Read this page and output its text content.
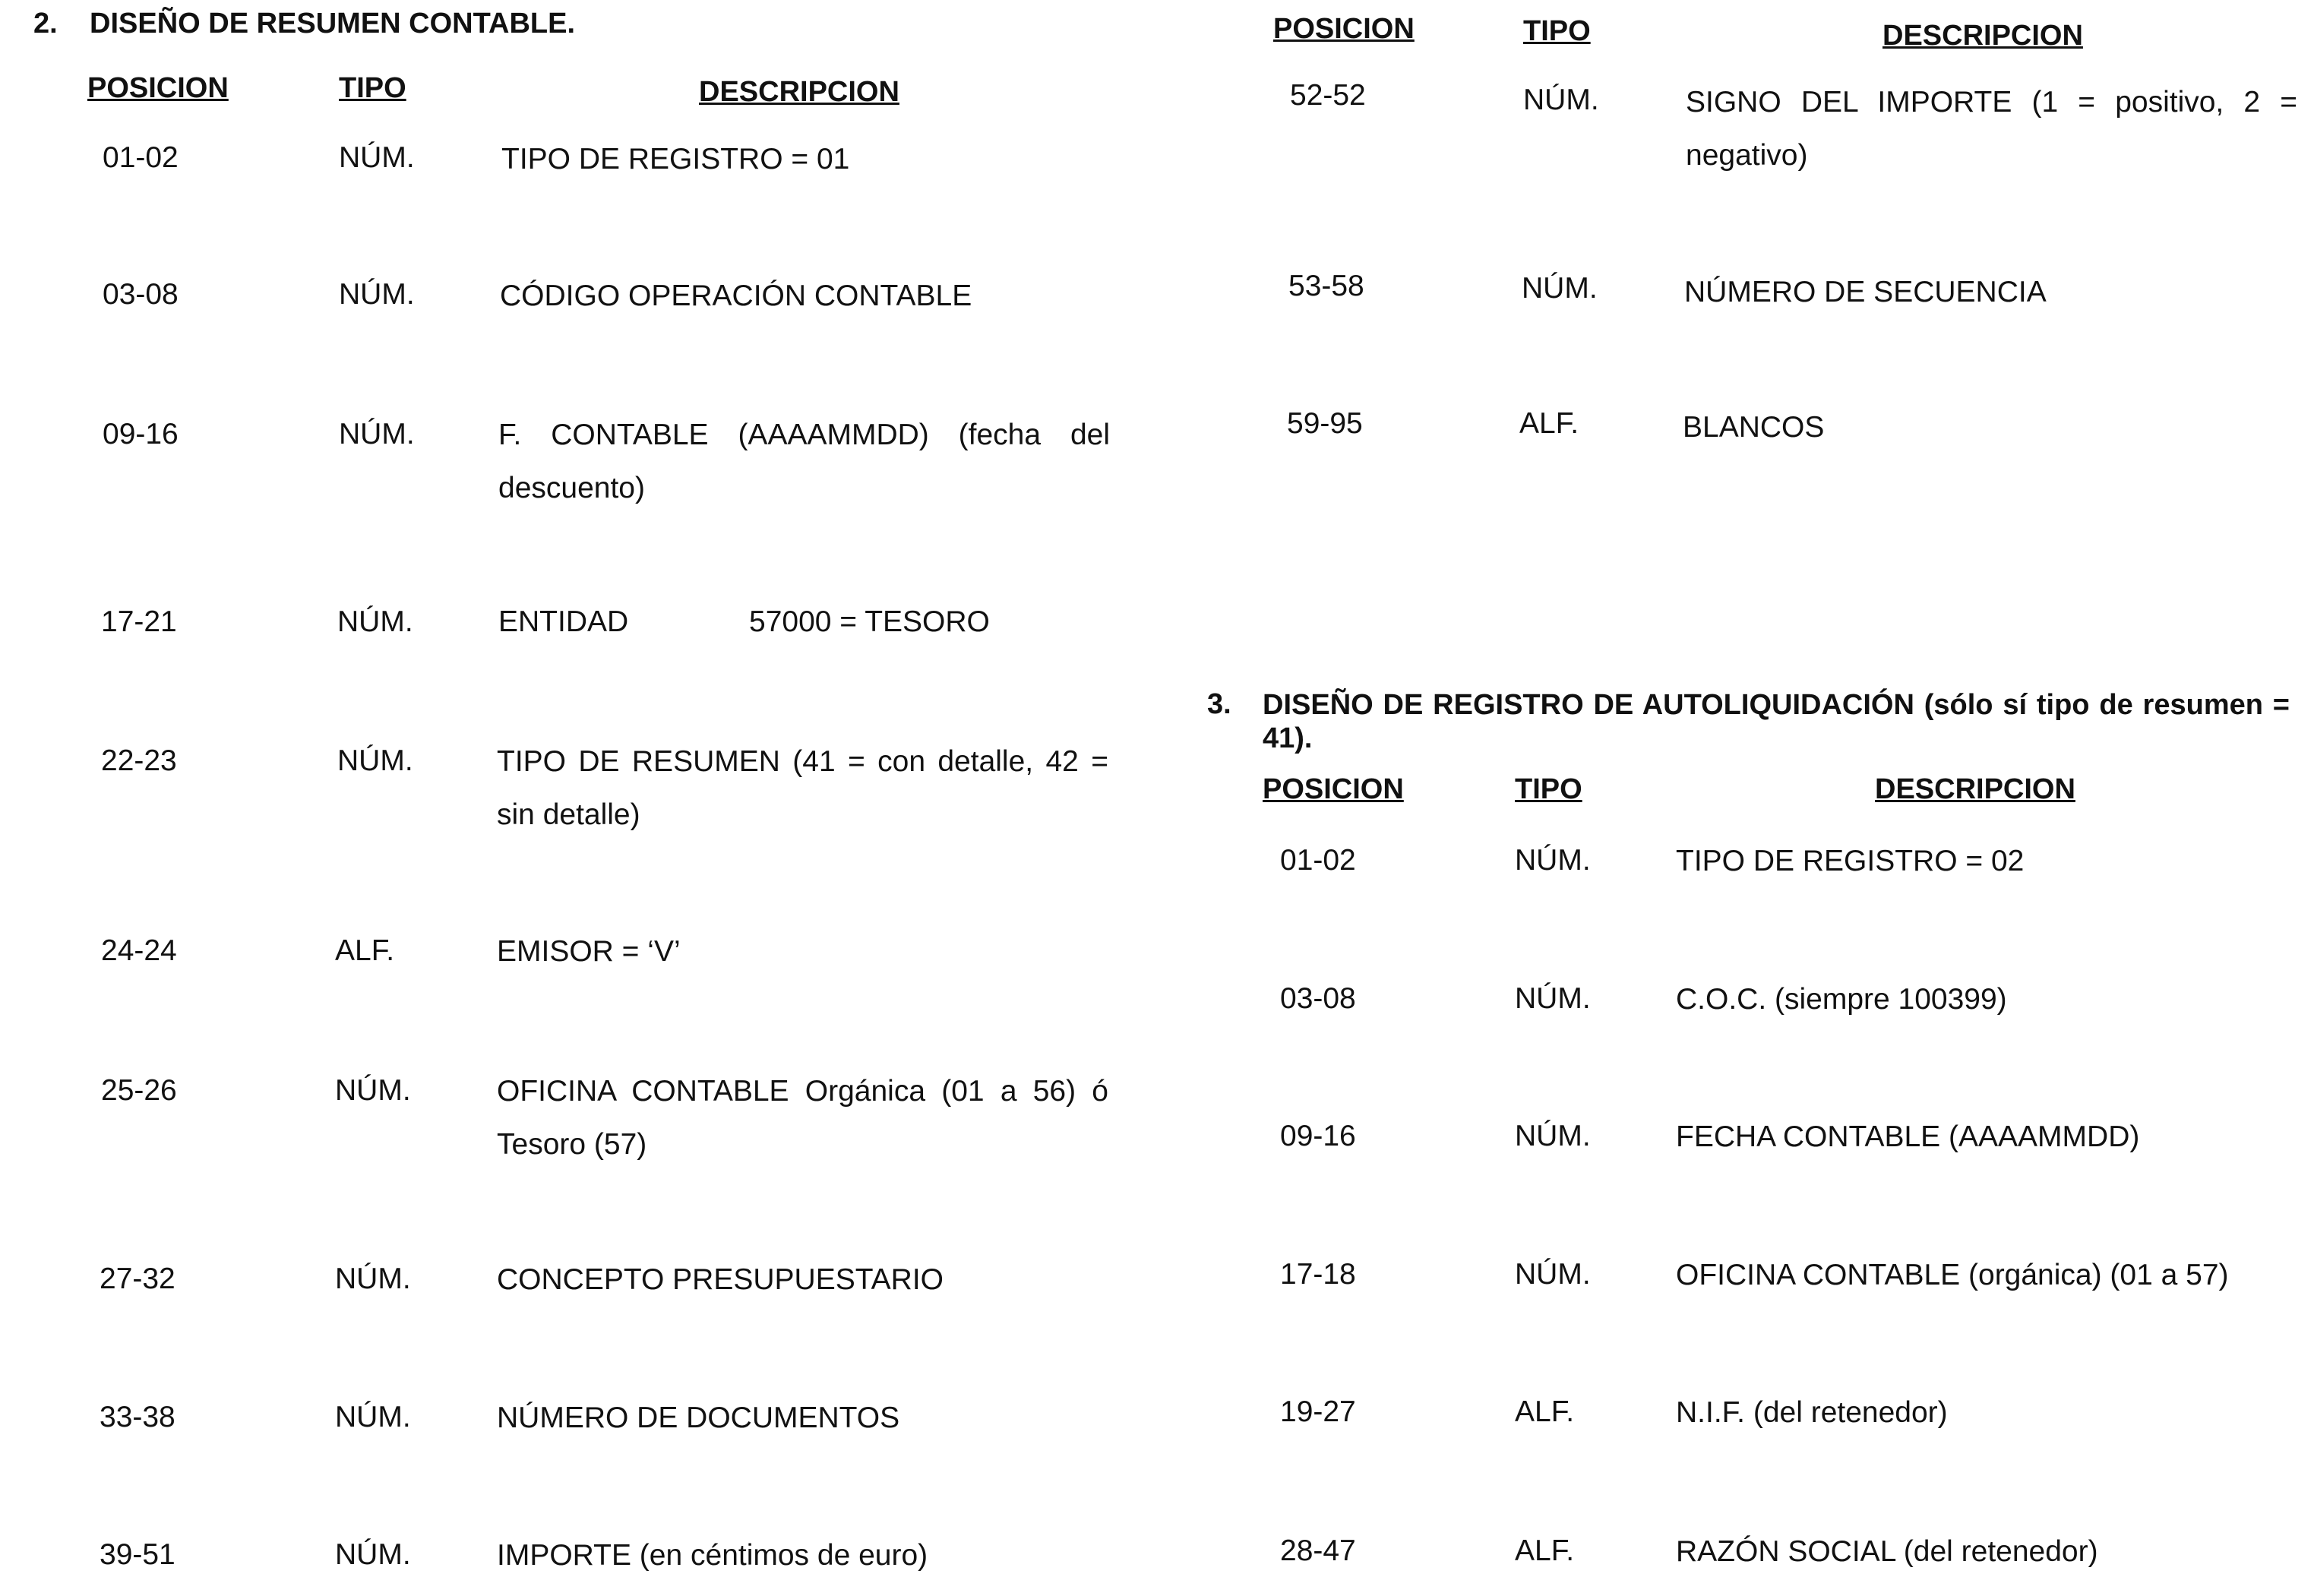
2. DISEÑO DE RESUMEN CONTABLE.
POSICION	TIPO	DESCRIPCION
01-02	NÚM.	TIPO DE REGISTRO = 01
03-08	NÚM.	CÓDIGO OPERACIÓN CONTABLE
09-16	NÚM.	F. CONTABLE (AAAAMMDD) (fecha del descuento)
17-21	NÚM.	ENTIDAD	57000 = TESORO
22-23	NÚM.	TIPO DE RESUMEN (41 = con detalle, 42 = sin detalle)
24-24	ALF.	EMISOR = ‘V’
25-26	NÚM.	OFICINA CONTABLE Orgánica (01 a 56) ó Tesoro (57)
27-32	NÚM.	CONCEPTO PRESUPUESTARIO
33-38	NÚM.	NÚMERO DE DOCUMENTOS
39-51	NÚM.	IMPORTE (en céntimos de euro)
POSICION	TIPO	DESCRIPCION
52-52	NÚM.	SIGNO DEL IMPORTE (1 = positivo, 2 = negativo)
53-58	NÚM.	NÚMERO DE SECUENCIA
59-95	ALF.	BLANCOS
3. DISEÑO DE REGISTRO DE AUTOLIQUIDACIÓN (sólo sí tipo de resumen = 41).
POSICION	TIPO	DESCRIPCION
01-02	NÚM.	TIPO DE REGISTRO = 02
03-08	NÚM.	C.O.C. (siempre 100399)
09-16	NÚM.	FECHA CONTABLE (AAAAMMDD)
17-18	NÚM.	OFICINA CONTABLE (orgánica) (01 a 57)
19-27	ALF.	N.I.F. (del retenedor)
28-47	ALF.	RAZÓN SOCIAL (del retenedor)
